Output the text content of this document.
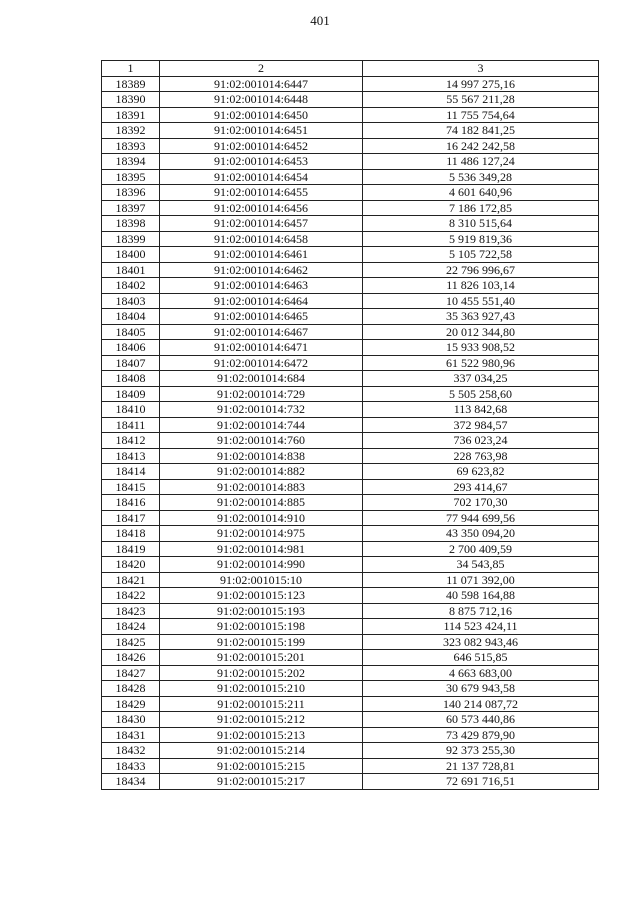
401
1	2	3
18389	91:02:001014:6447	14 997 275,16
18390	91:02:001014:6448	55 567 211,28
18391	91:02:001014:6450	11 755 754,64
18392	91:02:001014:6451	74 182 841,25
18393	91:02:001014:6452	16 242 242,58
18394	91:02:001014:6453	11 486 127,24
18395	91:02:001014:6454	5 536 349,28
18396	91:02:001014:6455	4 601 640,96
18397	91:02:001014:6456	7 186 172,85
18398	91:02:001014:6457	8 310 515,64
18399	91:02:001014:6458	5 919 819,36
18400	91:02:001014:6461	5 105 722,58
18401	91:02:001014:6462	22 796 996,67
18402	91:02:001014:6463	11 826 103,14
18403	91:02:001014:6464	10 455 551,40
18404	91:02:001014:6465	35 363 927,43
18405	91:02:001014:6467	20 012 344,80
18406	91:02:001014:6471	15 933 908,52
18407	91:02:001014:6472	61 522 980,96
18408	91:02:001014:684	337 034,25
18409	91:02:001014:729	5 505 258,60
18410	91:02:001014:732	113 842,68
18411	91:02:001014:744	372 984,57
18412	91:02:001014:760	736 023,24
18413	91:02:001014:838	228 763,98
18414	91:02:001014:882	69 623,82
18415	91:02:001014:883	293 414,67
18416	91:02:001014:885	702 170,30
18417	91:02:001014:910	77 944 699,56
18418	91:02:001014:975	43 350 094,20
18419	91:02:001014:981	2 700 409,59
18420	91:02:001014:990	34 543,85
18421	91:02:001015:10	11 071 392,00
18422	91:02:001015:123	40 598 164,88
18423	91:02:001015:193	8 875 712,16
18424	91:02:001015:198	114 523 424,11
18425	91:02:001015:199	323 082 943,46
18426	91:02:001015:201	646 515,85
18427	91:02:001015:202	4 663 683,00
18428	91:02:001015:210	30 679 943,58
18429	91:02:001015:211	140 214 087,72
18430	91:02:001015:212	60 573 440,86
18431	91:02:001015:213	73 429 879,90
18432	91:02:001015:214	92 373 255,30
18433	91:02:001015:215	21 137 728,81
18434	91:02:001015:217	72 691 716,51
